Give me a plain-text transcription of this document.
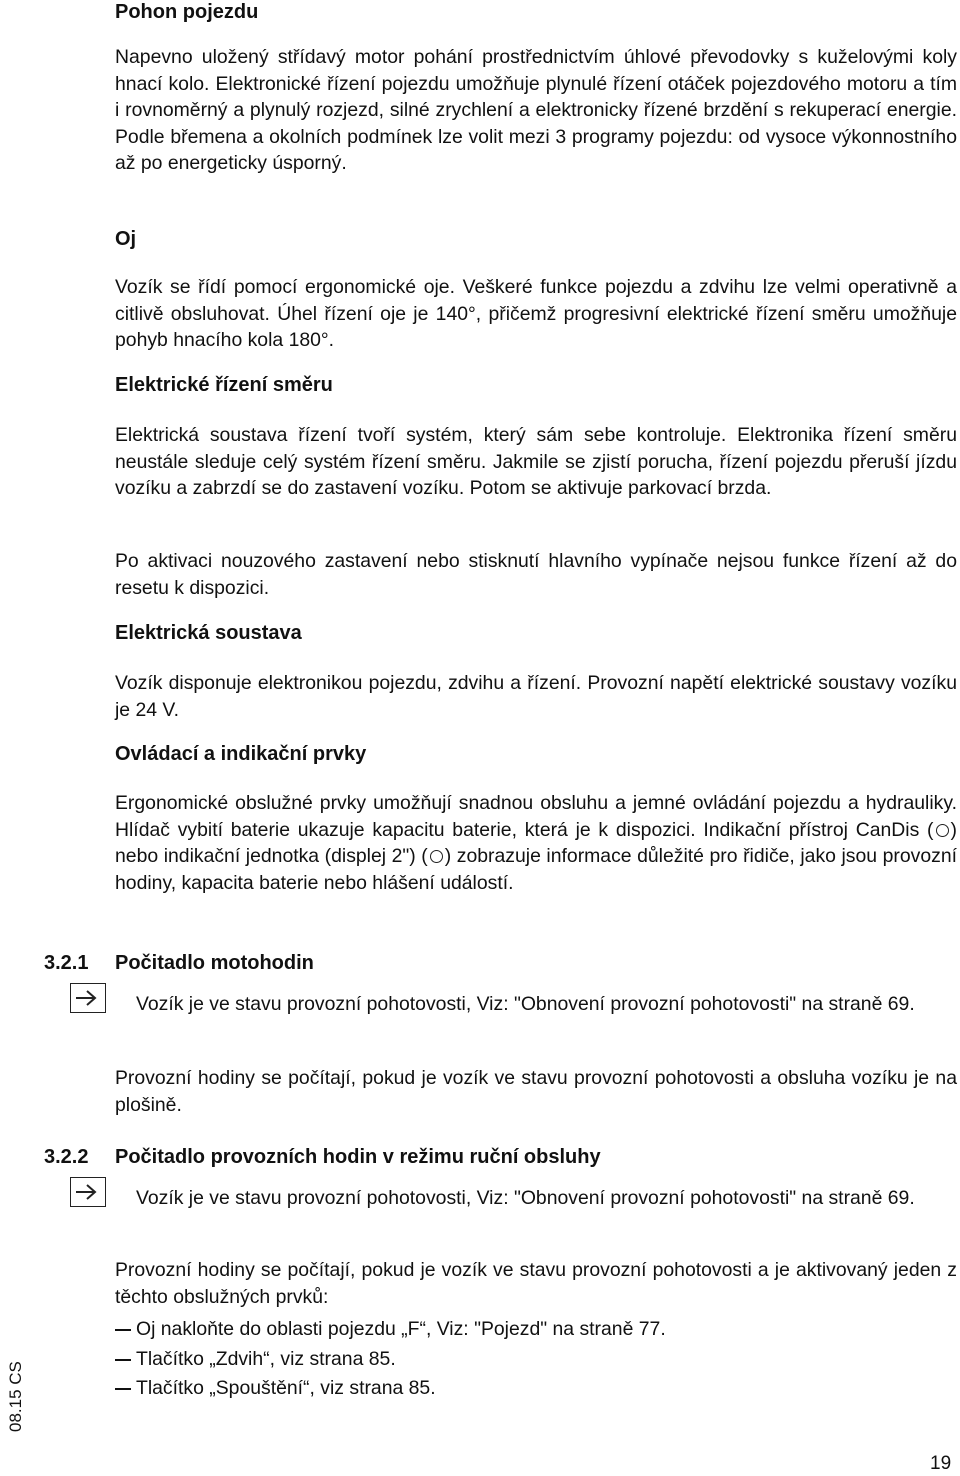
Pohon pojezdu
Napevno uložený střídavý motor pohání prostřednictvím úhlové převodovky s kuželovými koly hnací kolo. Elektronické řízení pojezdu umožňuje plynulé řízení otáček pojezdového motoru a tím i rovnoměrný a plynulý rozjezd, silné zrychlení a elektronicky řízené brzdění s rekuperací energie. Podle břemena a okolních podmínek lze volit mezi 3 programy pojezdu: od vysoce výkonnostního až po energeticky úsporný.
Oj
Vozík se řídí pomocí ergonomické oje. Veškeré funkce pojezdu a zdvihu lze velmi operativně a citlivě obsluhovat. Úhel řízení oje je 140°, přičemž progresivní elektrické řízení směru umožňuje pohyb hnacího kola 180°.
Elektrické řízení směru
Elektrická soustava řízení tvoří systém, který sám sebe kontroluje. Elektronika řízení směru neustále sleduje celý systém řízení směru. Jakmile se zjistí porucha, řízení pojezdu přeruší jízdu vozíku a zabrzdí se do zastavení vozíku. Potom se aktivuje parkovací brzda.
Po aktivaci nouzového zastavení nebo stisknutí hlavního vypínače nejsou funkce řízení až do resetu k dispozici.
Elektrická soustava
Vozík disponuje elektronikou pojezdu, zdvihu a řízení. Provozní napětí elektrické soustavy vozíku je 24 V.
Ovládací a indikační prvky
Ergonomické obslužné prvky umožňují snadnou obsluhu a jemné ovládání pojezdu a hydrauliky. Hlídač vybití baterie ukazuje kapacitu baterie, která je k dispozici. Indikační přístroj CanDis ( ) nebo indikační jednotka (displej 2") ( ) zobrazuje informace důležité pro řidiče, jako jsou provozní hodiny, kapacita baterie nebo hlášení událostí.
3.2.1 Počitadlo motohodin
Vozík je ve stavu provozní pohotovosti, Viz: "Obnovení provozní pohotovosti" na straně 69.
Provozní hodiny se počítají, pokud je vozík ve stavu provozní pohotovosti a obsluha vozíku je na plošině.
3.2.2 Počitadlo provozních hodin v režimu ruční obsluhy
Vozík je ve stavu provozní pohotovosti, Viz: "Obnovení provozní pohotovosti" na straně 69.
Provozní hodiny se počítají, pokud je vozík ve stavu provozní pohotovosti a je aktivovaný jeden z těchto obslužných prvků:
Oj nakloňte do oblasti pojezdu „F“, Viz: "Pojezd" na straně 77.
Tlačítko „Zdvih“, viz strana 85.
Tlačítko „Spouštění“, viz strana 85.
08.15 CS
19
